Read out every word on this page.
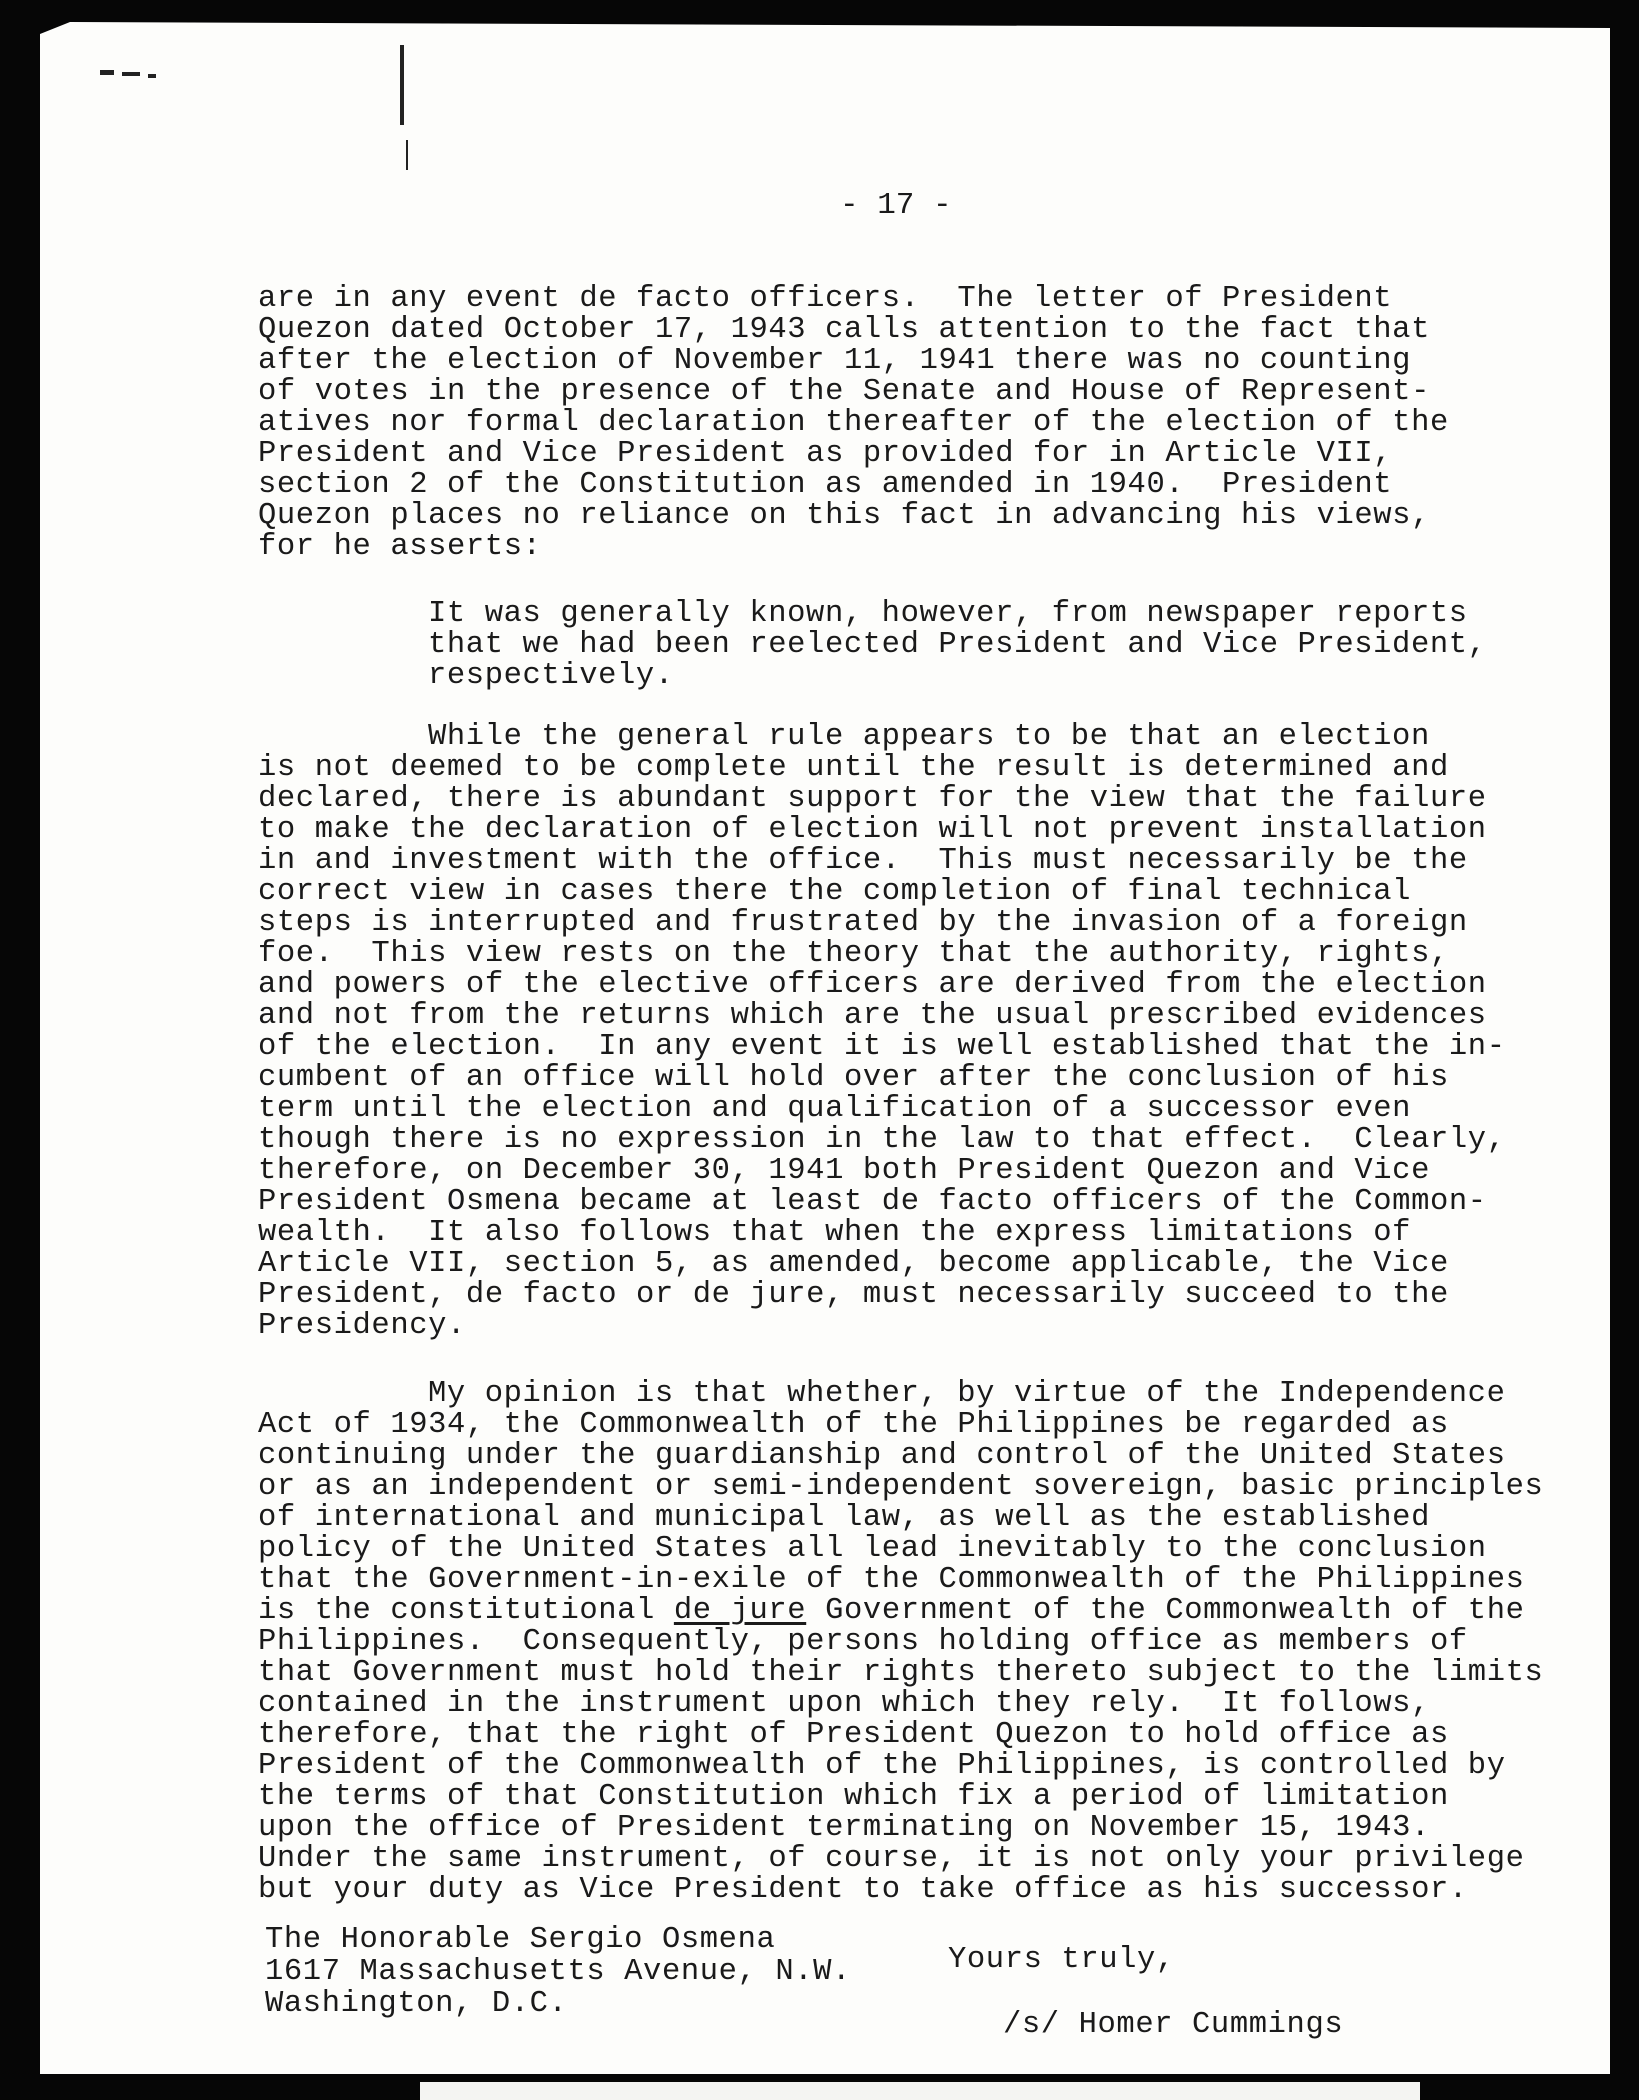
- 17 -
are in any event de facto officers.  The letter of President
Quezon dated October 17, 1943 calls attention to the fact that
after the election of November 11, 1941 there was no counting
of votes in the presence of the Senate and House of Represent-
atives nor formal declaration thereafter of the election of the
President and Vice President as provided for in Article VII,
section 2 of the Constitution as amended in 1940.  President
Quezon places no reliance on this fact in advancing his views,
for he asserts:
It was generally known, however, from newspaper reports
that we had been reelected President and Vice President,
respectively.
While the general rule appears to be that an election
is not deemed to be complete until the result is determined and
declared, there is abundant support for the view that the failure
to make the declaration of election will not prevent installation
in and investment with the office.  This must necessarily be the
correct view in cases there the completion of final technical
steps is interrupted and frustrated by the invasion of a foreign
foe.  This view rests on the theory that the authority, rights,
and powers of the elective officers are derived from the election
and not from the returns which are the usual prescribed evidences
of the election.  In any event it is well established that the in-
cumbent of an office will hold over after the conclusion of his
term until the election and qualification of a successor even
though there is no expression in the law to that effect.  Clearly,
therefore, on December 30, 1941 both President Quezon and Vice
President Osmena became at least de facto officers of the Common-
wealth.  It also follows that when the express limitations of
Article VII, section 5, as amended, become applicable, the Vice
President, de facto or de jure, must necessarily succeed to the
Presidency.
My opinion is that whether, by virtue of the Independence
Act of 1934, the Commonwealth of the Philippines be regarded as
continuing under the guardianship and control of the United States
or as an independent or semi-independent sovereign, basic principles
of international and municipal law, as well as the established
policy of the United States all lead inevitably to the conclusion
that the Government-in-exile of the Commonwealth of the Philippines
is the constitutional de jure Government of the Commonwealth of the
Philippines.  Consequently, persons holding office as members of
that Government must hold their rights thereto subject to the limits
contained in the instrument upon which they rely.  It follows,
therefore, that the right of President Quezon to hold office as
President of the Commonwealth of the Philippines, is controlled by
the terms of that Constitution which fix a period of limitation
upon the office of President terminating on November 15, 1943.
Under the same instrument, of course, it is not only your privilege
but your duty as Vice President to take office as his successor.
The Honorable Sergio Osmena
1617 Massachusetts Avenue, N.W.
Washington, D.C.
Yours truly,
/s/ Homer Cummings
